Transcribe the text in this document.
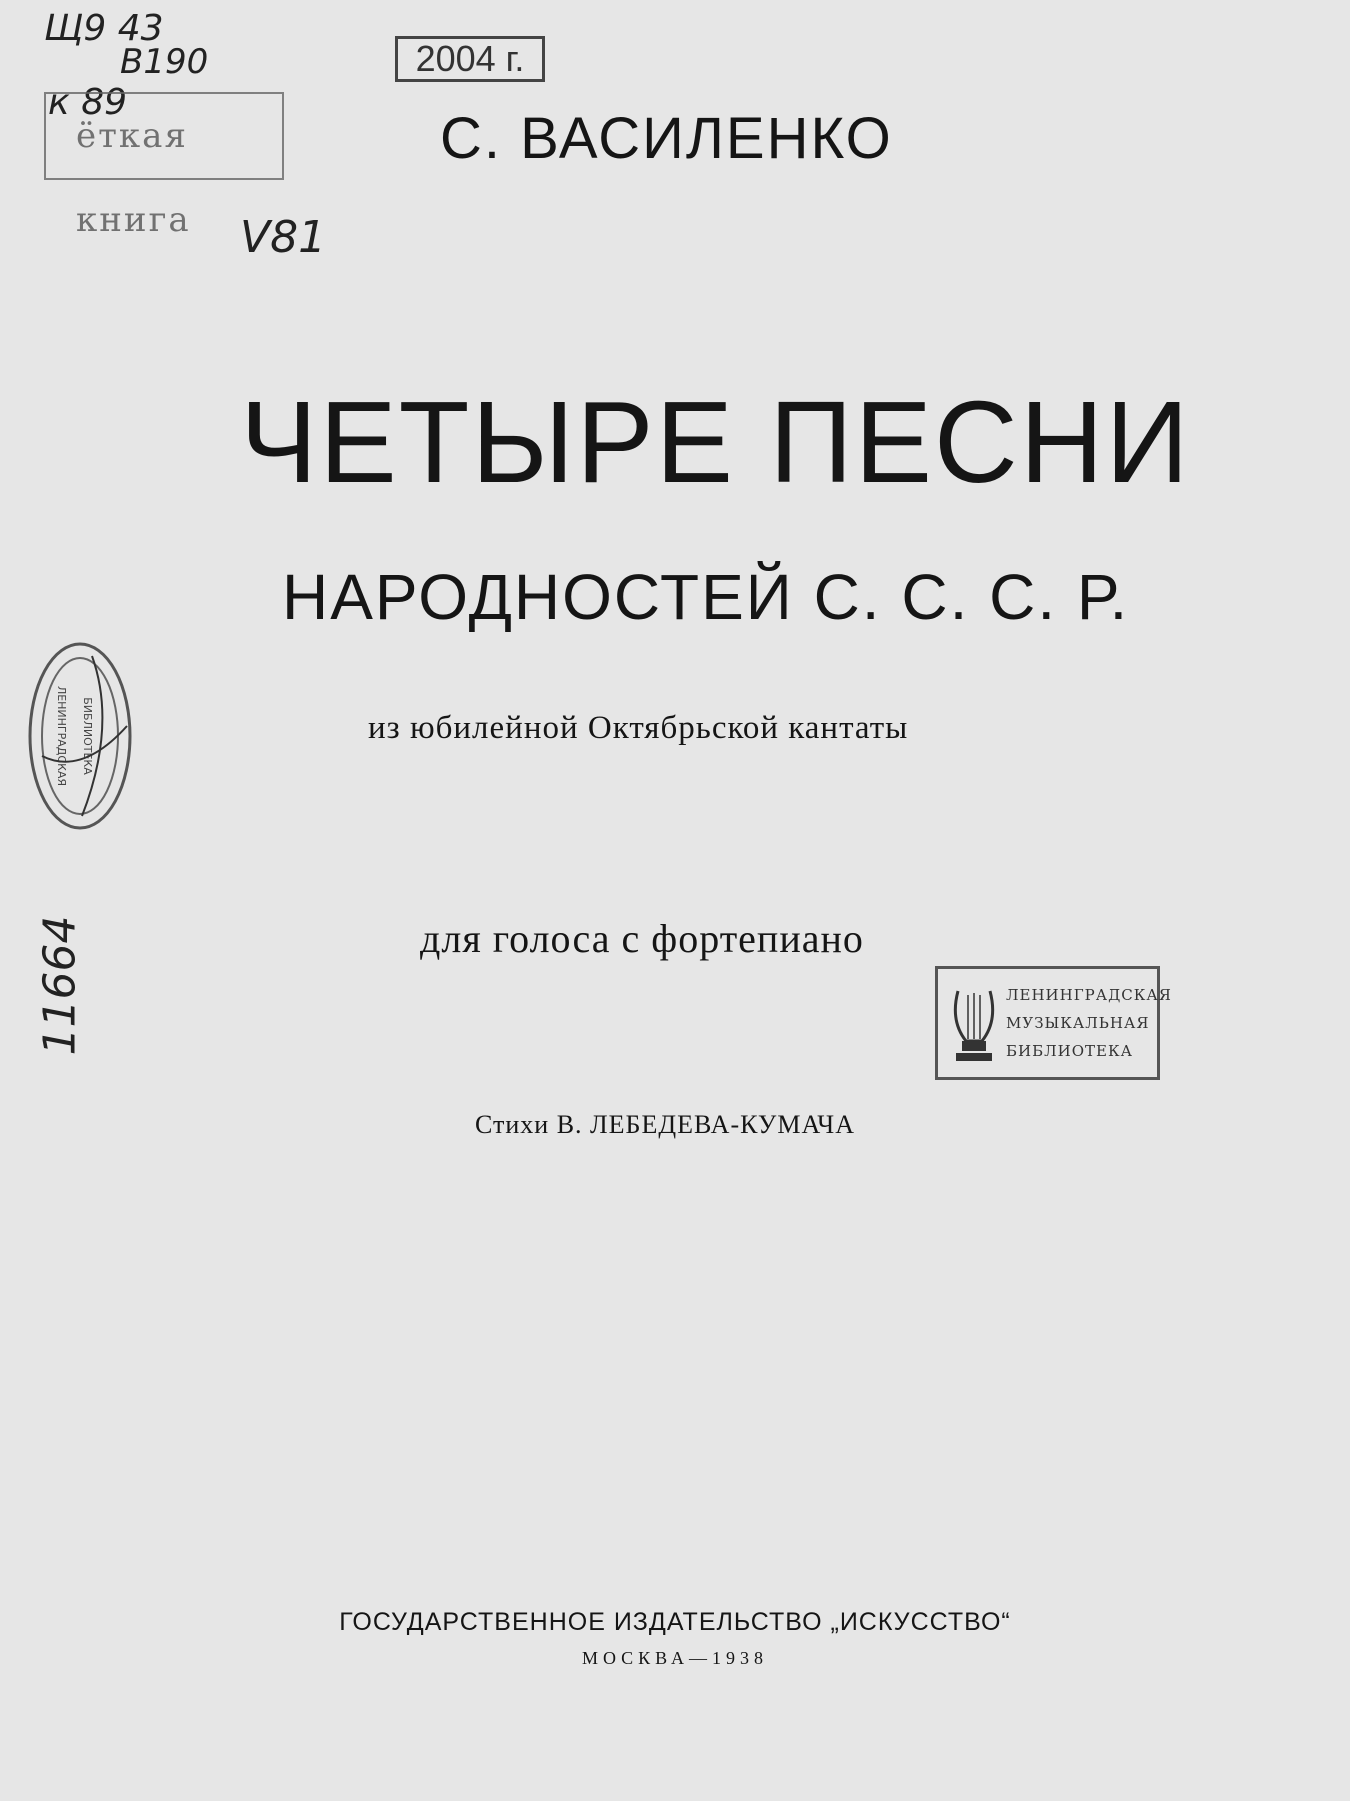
Щ9 43
В190
к 89
V81
11664
2004 г.
ёткая книга
ЛЕНИНГРАДСКАЯ БИБЛИОТЕКА
ЛЕНИНГРАДСКАЯ
МУЗЫКАЛЬНАЯ
БИБЛИОТЕКА
С. ВАСИЛЕНКО
ЧЕТЫРЕ ПЕСНИ
НАРОДНОСТЕЙ С. С. С. Р.
из юбилейной Октябрьской кантаты
для голоса с фортепиано
Стихи В. ЛЕБЕДЕВА-КУМАЧА
ГОСУДАРСТВЕННОЕ ИЗДАТЕЛЬСТВО „ИСКУССТВО“
МОСКВА—1938
